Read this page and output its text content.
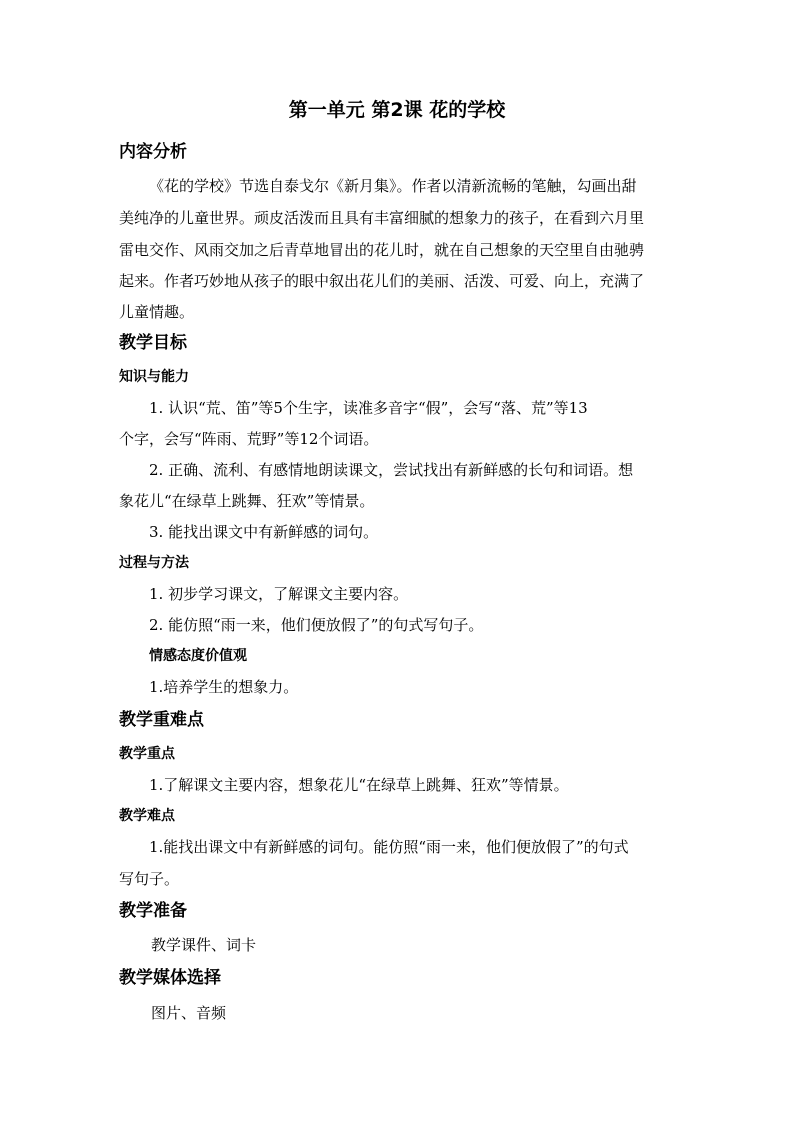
第一单元 第2课 花的学校
内容分析

《花的学校》节选自泰戈尔《新月集》。作者以清新流畅的笔触，勾画出甜

美纯净的儿童世界。顽皮活泼而且具有丰富细腻的想象力的孩子，在看到六月里

雷电交作、风雨交加之后青草地冒出的花儿时，就在自己想象的天空里自由驰骋

起来。作者巧妙地从孩子的眼中叙出花儿们的美丽、活泼、可爱、向上，充满了

儿童情趣。

教学目标
知识与能力

1. 认识“荒、笛”等5个生字，读准多音字“假”，会写“落、荒”等13

个字，会写“阵雨、荒野”等12个词语。

2. 正确、流利、有感情地朗读课文，尝试找出有新鲜感的长句和词语。想

象花儿“在绿草上跳舞、狂欢”等情景。

3. 能找出课文中有新鲜感的词句。

过程与方法

1. 初步学习课文，了解课文主要内容。

2. 能仿照“雨一来，他们便放假了”的句式写句子。

情感态度价值观

1.培养学生的想象力。

教学重难点
教学重点

1.了解课文主要内容，想象花儿“在绿草上跳舞、狂欢”等情景。

教学难点

1.能找出课文中有新鲜感的词句。能仿照“雨一来，他们便放假了”的句式

写句子。

教学准备

教学课件、词卡

教学媒体选择

图片、音频
